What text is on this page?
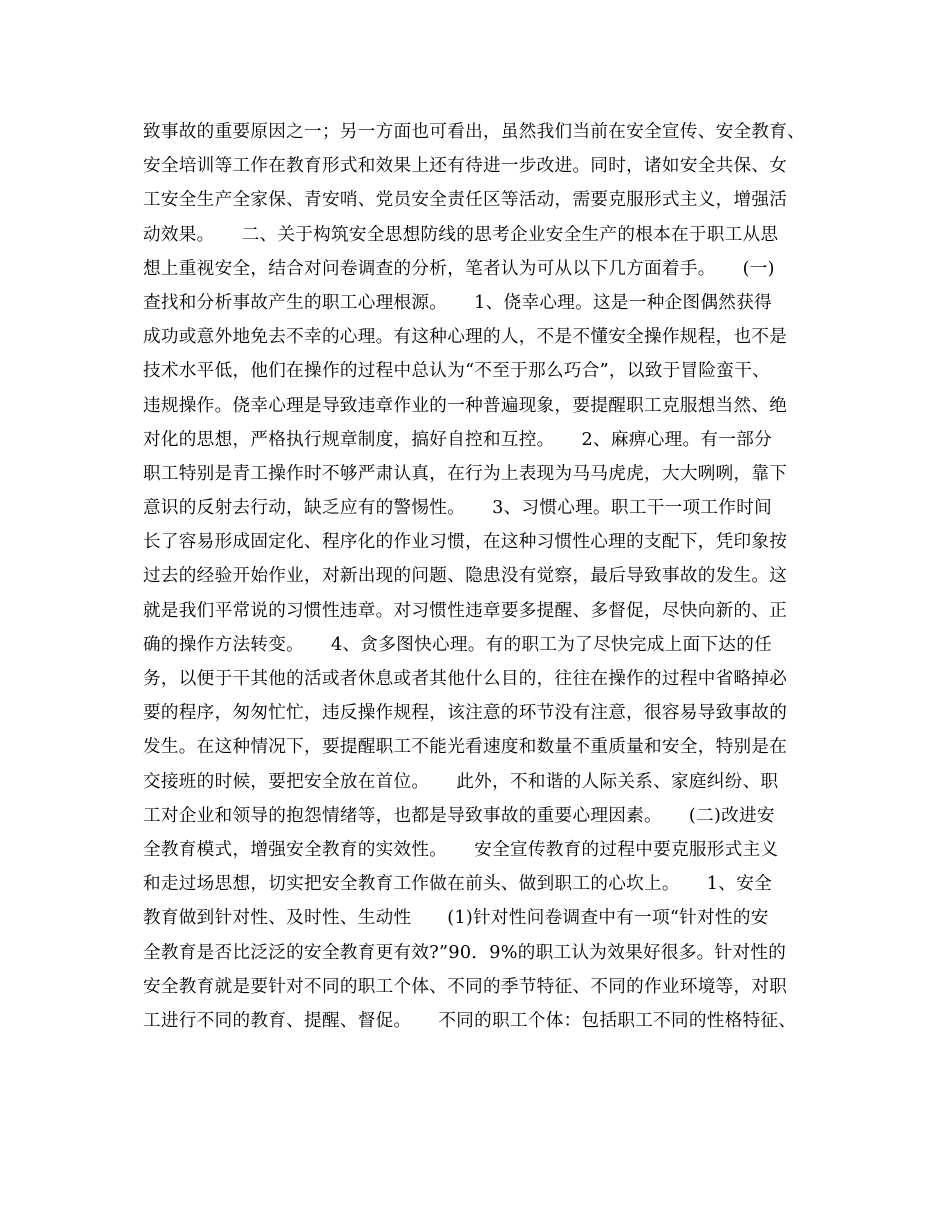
致事故的重要原因之一；另一方面也可看出，虽然我们当前在安全宣传、安全教育、
安全培训等工作在教育形式和效果上还有待进一步改进。同时，诸如安全共保、女
工安全生产全家保、青安哨、党员安全责任区等活动，需要克服形式主义，增强活
动效果。　　二、关于构筑安全思想防线的思考企业安全生产的根本在于职工从思
想上重视安全，结合对问卷调查的分析，笔者认为可从以下几方面着手。　　(一)
查找和分析事故产生的职工心理根源。　　1、侥幸心理。这是一种企图偶然获得
成功或意外地免去不幸的心理。有这种心理的人，不是不懂安全操作规程，也不是
技术水平低，他们在操作的过程中总认为“不至于那么巧合”，以致于冒险蛮干、
违规操作。侥幸心理是导致违章作业的一种普遍现象，要提醒职工克服想当然、绝
对化的思想，严格执行规章制度，搞好自控和互控。　　2、麻痹心理。有一部分
职工特别是青工操作时不够严肃认真，在行为上表现为马马虎虎，大大咧咧，靠下
意识的反射去行动，缺乏应有的警惕性。　　3、习惯心理。职工干一项工作时间
长了容易形成固定化、程序化的作业习惯，在这种习惯性心理的支配下，凭印象按
过去的经验开始作业，对新出现的问题、隐患没有觉察，最后导致事故的发生。这
就是我们平常说的习惯性违章。对习惯性违章要多提醒、多督促，尽快向新的、正
确的操作方法转变。　　4、贪多图快心理。有的职工为了尽快完成上面下达的任
务，以便于干其他的活或者休息或者其他什么目的，往往在操作的过程中省略掉必
要的程序，匆匆忙忙，违反操作规程，该注意的环节没有注意，很容易导致事故的
发生。在这种情况下，要提醒职工不能光看速度和数量不重质量和安全，特别是在
交接班的时候，要把安全放在首位。　　此外，不和谐的人际关系、家庭纠纷、职
工对企业和领导的抱怨情绪等，也都是导致事故的重要心理因素。　　(二)改进安
全教育模式，增强安全教育的实效性。　　安全宣传教育的过程中要克服形式主义
和走过场思想，切实把安全教育工作做在前头、做到职工的心坎上。　　1、安全
教育做到针对性、及时性、生动性　　(1)针对性问卷调查中有一项“针对性的安
全教育是否比泛泛的安全教育更有效?”90．9%的职工认为效果好很多。针对性的
安全教育就是要针对不同的职工个体、不同的季节特征、不同的作业环境等，对职
工进行不同的教育、提醒、督促。　　不同的职工个体：包括职工不同的性格特征、
